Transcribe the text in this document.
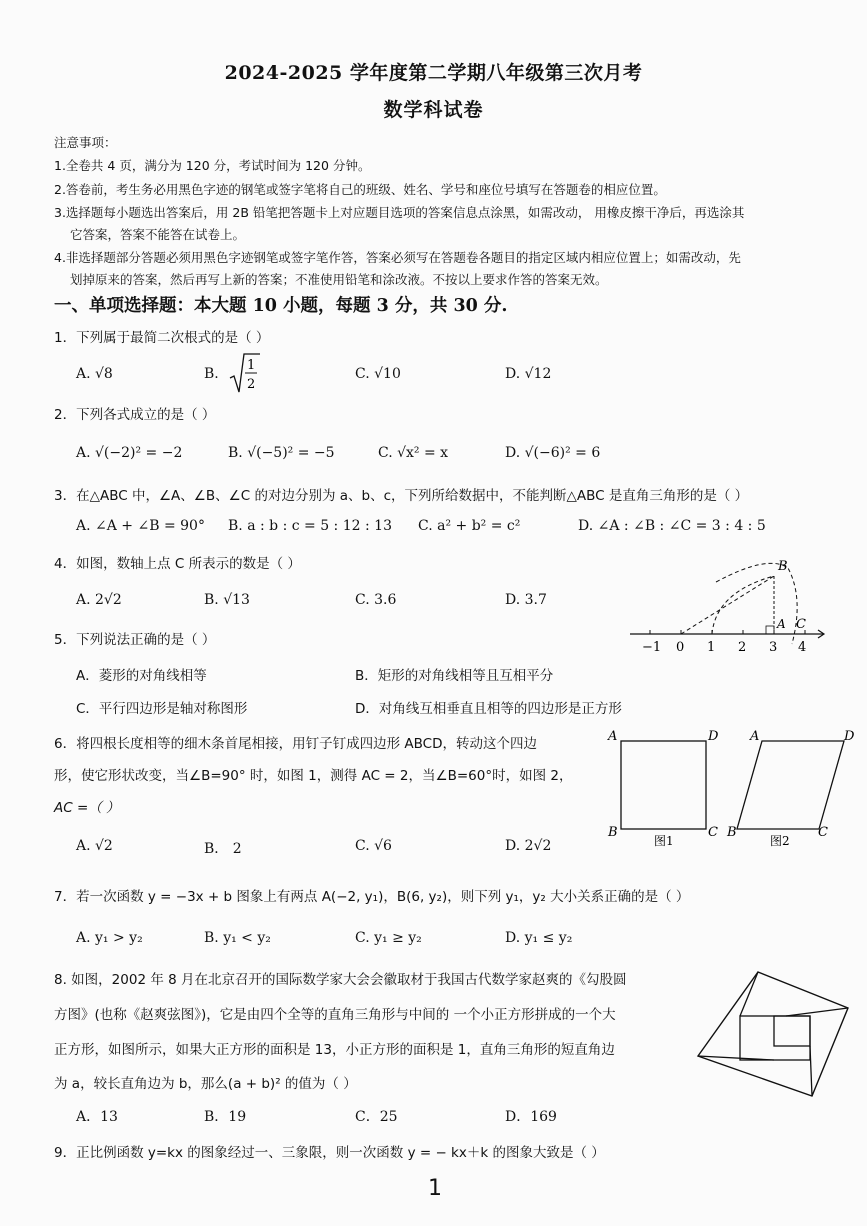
2024-2025 学年度第二学期八年级第三次月考
数学科试卷
注意事项：
1.全卷共 4 页，满分为 120 分，考试时间为 120 分钟。
2.答卷前，考生务必用黑色字迹的钢笔或签字笔将自己的班级、姓名、学号和座位号填写在答题卷的相应位置。
3.选择题每小题选出答案后，用 2B 铅笔把答题卡上对应题目选项的答案信息点涂黑，如需改动， 用橡皮擦干净后，再选涂其
它答案，答案不能答在试卷上。
4.非选择题部分答题必须用黑色字迹钢笔或签字笔作答，答案必须写在答题卷各题目的指定区域内相应位置上；如需改动，先
划掉原来的答案，然后再写上新的答案；不准使用铅笔和涂改液。不按以上要求作答的答案无效。
一、单项选择题：本大题 10 小题，每题 3 分，共 30 分.
1．下列属于最简二次根式的是（ ）
A. √8	B.
1
2
C. √10	D. √12
2．下列各式成立的是（ ）
A. √(−2)² = −2	B. √(−5)² = −5	C. √x² = x	D. √(−6)² = 6
3．在△ABC 中，∠A、∠B、∠C 的对边分别为 a、b、c，下列所给数据中，不能判断△ABC 是直角三角形的是（ ）
A. ∠A + ∠B = 90° B. a : b : c = 5 : 12 : 13 C. a² + b² = c²	D. ∠A : ∠B : ∠C = 3 : 4 : 5
4．如图，数轴上点 C 所表示的数是（ ）
A. 2√2	B. √13	C. 3.6	D. 3.7
−1 0 1 2 3 4
B
A C
5．下列说法正确的是（ ）
A．菱形的对角线相等	B．矩形的对角线相等且互相平分
C．平行四边形是轴对称图形	D．对角线互相垂直且相等的四边形是正方形
6．将四根长度相等的细木条首尾相接，用钉子钉成四边形 ABCD，转动这个四边
形，使它形状改变，当∠B=90° 时，如图 1，测得 AC = 2，当∠B=60°时，如图 2，
AC =（ ）
A. √2	B． 2	C. √6	D. 2√2
A	D
B	C
图1
A	D
B	C
图2
7．若一次函数 y = −3x + b 图象上有两点 A(−2, y₁)，B(6, y₂)，则下列 y₁，y₂ 大小关系正确的是（ ）
A. y₁ > y₂	B. y₁ < y₂	C. y₁ ≥ y₂	D. y₁ ≤ y₂
8. 如图，2002 年 8 月在北京召开的国际数学家大会会徽取材于我国古代数学家赵爽的《勾股圆
方图》(也称《赵爽弦图》)，它是由四个全等的直角三角形与中间的 一个小正方形拼成的一个大
正方形，如图所示，如果大正方形的面积是 13，小正方形的面积是 1，直角三角形的短直角边
为 a，较长直角边为 b，那么(a + b)² 的值为（ ）
A．13	B．19	C．25	D．169
9．正比例函数 y=kx 的图象经过一、三象限，则一次函数 y = − kx＋k 的图象大致是（ ）
1
